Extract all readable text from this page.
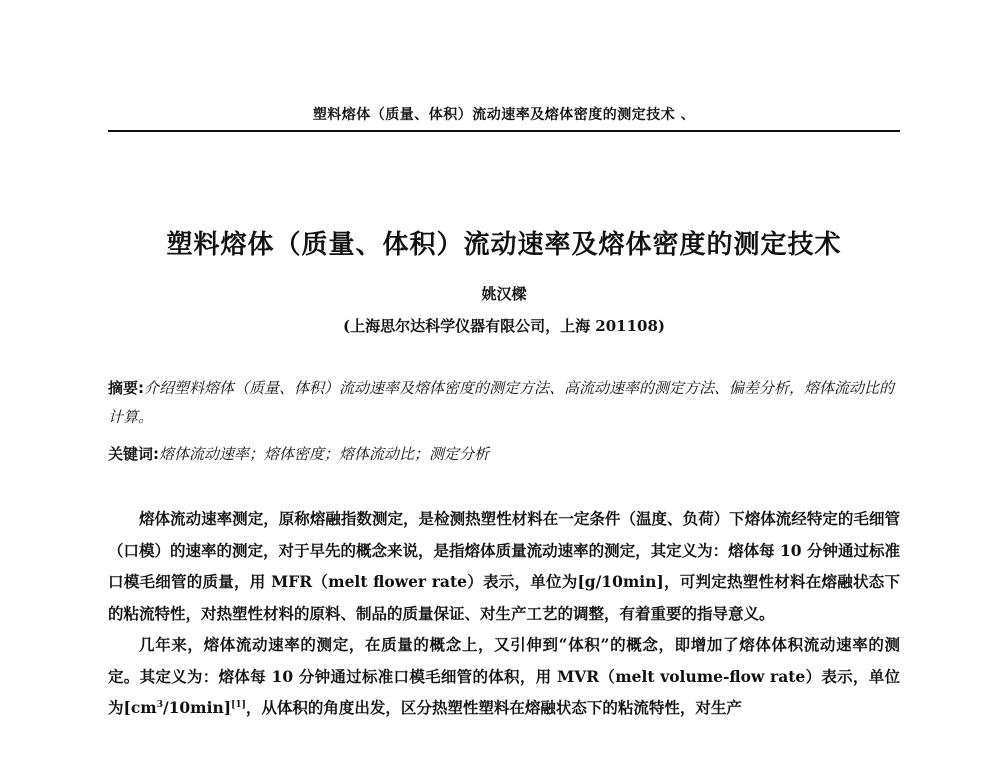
塑料熔体（质量、体积）流动速率及熔体密度的测定技术 、
塑料熔体（质量、体积）流动速率及熔体密度的测定技术
姚汉樑
(上海思尔达科学仪器有限公司，上海 201108)
摘要:介绍塑料熔体（质量、体积）流动速率及熔体密度的测定方法、高流动速率的测定方法、偏差分析，熔体流动比的计算。
关键词:熔体流动速率；熔体密度；熔体流动比；测定分析

熔体流动速率测定，原称熔融指数测定，是检测热塑性材料在一定条件（温度、负荷）下熔体流经特定的毛细管（口模）的速率的测定，对于早先的概念来说，是指熔体质量流动速率的测定，其定义为：熔体每 10 分钟通过标准口模毛细管的质量，用 MFR（melt flower rate）表示，单位为[g/10min]，可判定热塑性材料在熔融状态下的粘流特性，对热塑性材料的原料、制品的质量保证、对生产工艺的调整，有着重要的指导意义。

几年来，熔体流动速率的测定，在质量的概念上，又引伸到“体积”的概念，即增加了熔体体积流动速率的测定。其定义为：熔体每 10 分钟通过标准口模毛细管的体积，用 MVR（melt volume-flow rate）表示，单位为$[cm^3/10\min][1]$，从体积的角度出发，区分热塑性塑料在熔融状态下的粘流特性，对生产
